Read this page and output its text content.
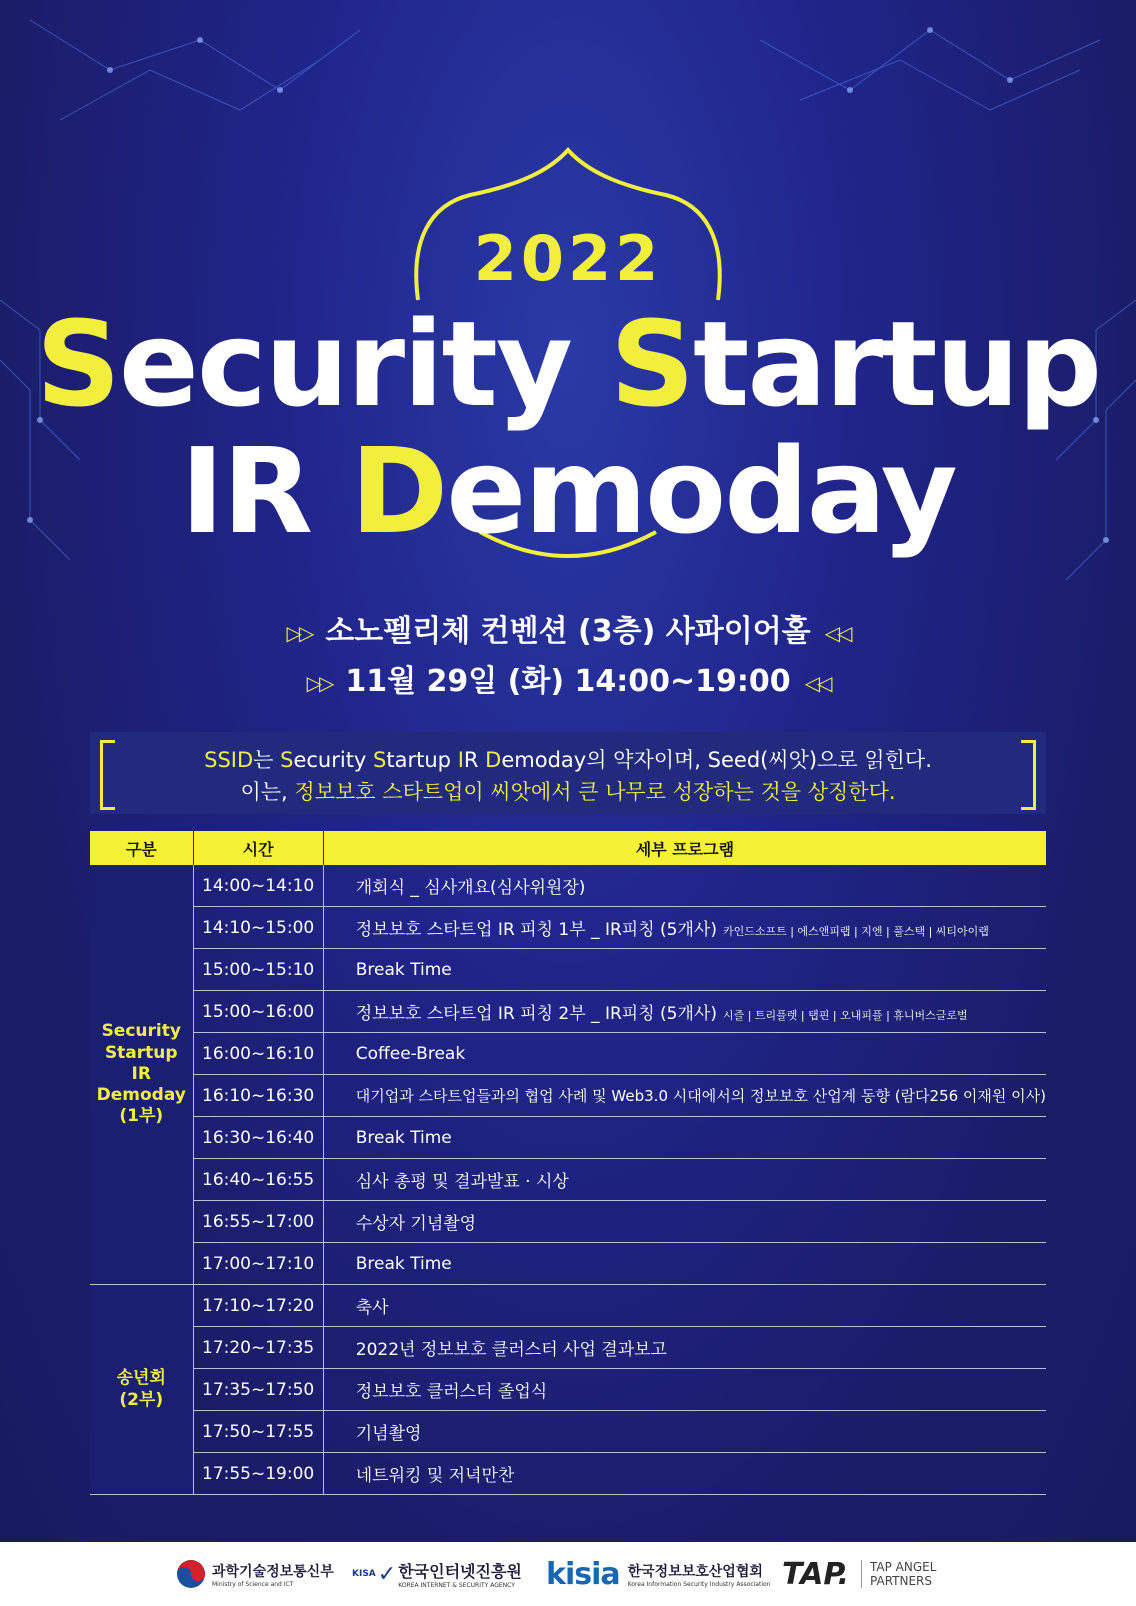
2022
Security Startup
IR Demoday
▷▷ 소노펠리체 컨벤션 (3층) 사파이어홀 ◁◁
▷▷ 11월 29일 (화) 14:00~19:00 ◁◁
SSID는 Security Startup IR Demoday의 약자이며, Seed(씨앗)으로 읽힌다.
이는, 정보보호 스타트업이 씨앗에서 큰 나무로 성장하는 것을 상징한다.
구분	시간	세부 프로그램

Security
Startup
IR
Demoday
(1부)	14:00~14:10	개회식 _ 심사개요(심사위원장)
	14:10~15:00	정보보호 스타트업 IR 피칭 1부 _ IR피칭 (5개사) 카인드소프트 | 에스앤피랩 | 지엔 | 풀스택 | 씨티아이랩
	15:00~15:10	Break Time
	15:00~16:00	정보보호 스타트업 IR 피칭 2부 _ IR피칭 (5개사) 시즐 | 트리플렛 | 탭핀 | 오내피플 | 휴니버스글로벌
	16:00~16:10	Coffee-Break
	16:10~16:30	대기업과 스타트업들과의 협업 사례 및 Web3.0 시대에서의 정보보호 산업계 동향 (람다256 이재원 이사)
	16:30~16:40	Break Time
	16:40~16:55	심사 총평 및 결과발표 · 시상
	16:55~17:00	수상자 기념촬영
	17:00~17:10	Break Time

송년회
(2부)	17:10~17:20	축사
	17:20~17:35	2022년 정보보호 클러스터 사업 결과보고
	17:35~17:50	정보보호 클러스터 졸업식
	17:50~17:55	기념촬영
	17:55~19:00	네트워킹 및 저녁만찬
과학기술정보통신부
Ministry of Science and ICT
KISA ✓ 한국인터넷진흥원
KOREA INTERNET & SECURITY AGENCY kisia 한국정보보호산업협회
Korea Information Security Industry Association TAP. TAP ANGEL
PARTNERS
